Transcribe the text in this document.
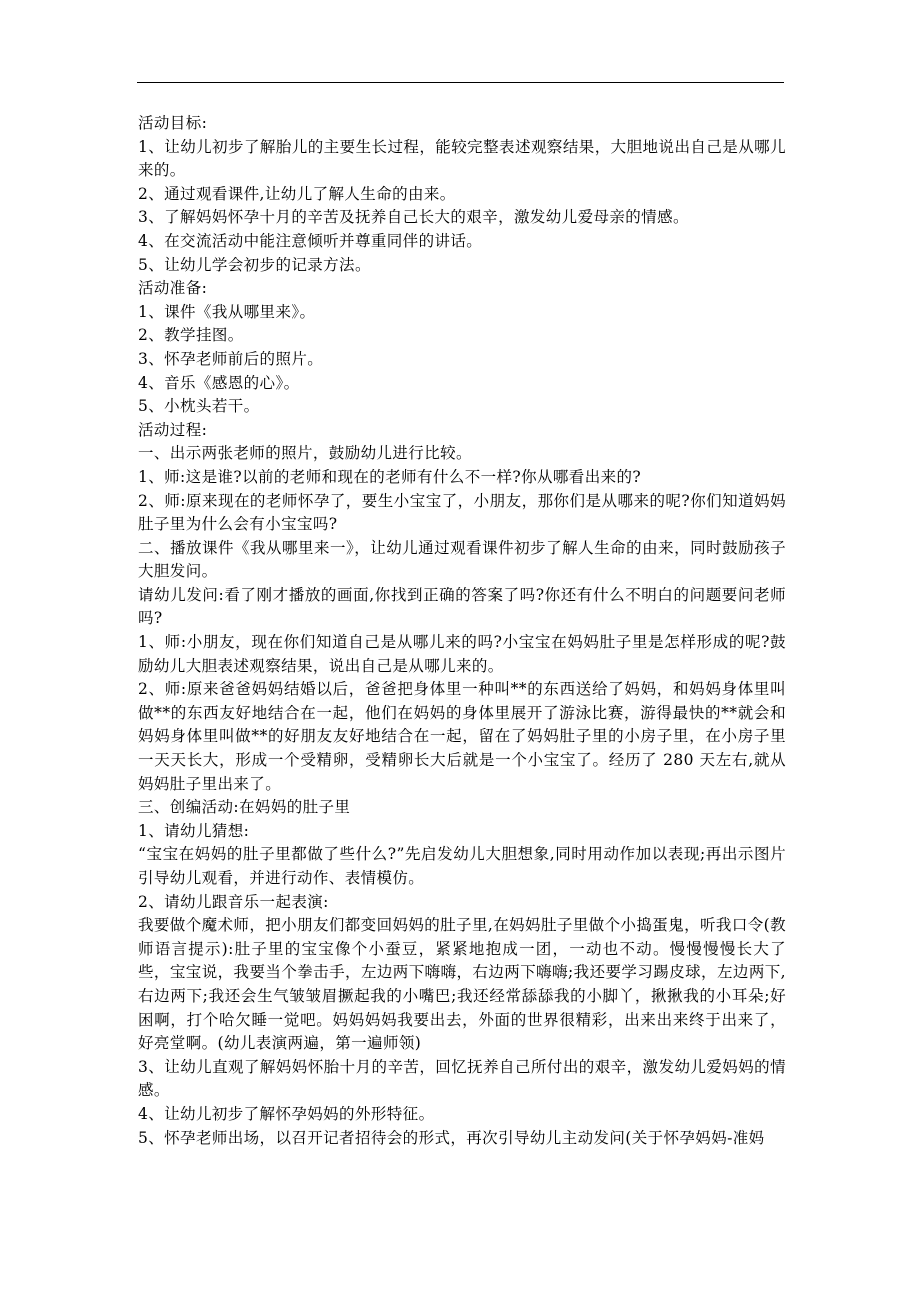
活动目标:

1、让幼儿初步了解胎儿的主要生长过程，能较完整表述观察结果，大胆地说出自己是从哪儿来的。

2、通过观看课件,让幼儿了解人生命的由来。

3、了解妈妈怀孕十月的辛苦及抚养自己长大的艰辛，激发幼儿爱母亲的情感。

4、在交流活动中能注意倾听并尊重同伴的讲话。

5、让幼儿学会初步的记录方法。

活动准备:

1、课件《我从哪里来》。

2、教学挂图。

3、怀孕老师前后的照片。

4、音乐《感恩的心》。

5、小枕头若干。

活动过程:

一、出示两张老师的照片，鼓励幼儿进行比较。

1、师:这是谁?以前的老师和现在的老师有什么不一样?你从哪看出来的?

2、师:原来现在的老师怀孕了，要生小宝宝了，小朋友，那你们是从哪来的呢?你们知道妈妈肚子里为什么会有小宝宝吗?

二、播放课件《我从哪里来一》，让幼儿通过观看课件初步了解人生命的由来，同时鼓励孩子大胆发问。

请幼儿发问:看了刚才播放的画面,你找到正确的答案了吗?你还有什么不明白的问题要问老师吗?

1、师:小朋友，现在你们知道自己是从哪儿来的吗?小宝宝在妈妈肚子里是怎样形成的呢?鼓励幼儿大胆表述观察结果，说出自己是从哪儿来的。

2、师:原来爸爸妈妈结婚以后，爸爸把身体里一种叫**的东西送给了妈妈，和妈妈身体里叫做**的东西友好地结合在一起，他们在妈妈的身体里展开了游泳比赛，游得最快的**就会和妈妈身体里叫做**的好朋友友好地结合在一起，留在了妈妈肚子里的小房子里，在小房子里一天天长大，形成一个受精卵，受精卵长大后就是一个小宝宝了。经历了 280 天左右,就从妈妈肚子里出来了。

三、创编活动:在妈妈的肚子里

1、请幼儿猜想:

“宝宝在妈妈的肚子里都做了些什么?”先启发幼儿大胆想象,同时用动作加以表现;再出示图片引导幼儿观看，并进行动作、表情模仿。

2、请幼儿跟音乐一起表演:

我要做个魔术师，把小朋友们都变回妈妈的肚子里,在妈妈肚子里做个小捣蛋鬼，听我口令(教师语言提示):肚子里的宝宝像个小蚕豆，紧紧地抱成一团，一动也不动。慢慢慢慢长大了些，宝宝说，我要当个拳击手，左边两下嗨嗨，右边两下嗨嗨;我还要学习踢皮球，左边两下,右边两下;我还会生气皱皱眉撅起我的小嘴巴;我还经常舔舔我的小脚丫，揪揪我的小耳朵;好困啊，打个哈欠睡一觉吧。妈妈妈妈我要出去，外面的世界很精彩，出来出来终于出来了，好亮堂啊。(幼儿表演两遍，第一遍师领)

3、让幼儿直观了解妈妈怀胎十月的辛苦，回忆抚养自己所付出的艰辛，激发幼儿爱妈妈的情感。

4、让幼儿初步了解怀孕妈妈的外形特征。

5、怀孕老师出场，以召开记者招待会的形式，再次引导幼儿主动发问(关于怀孕妈妈-准妈
